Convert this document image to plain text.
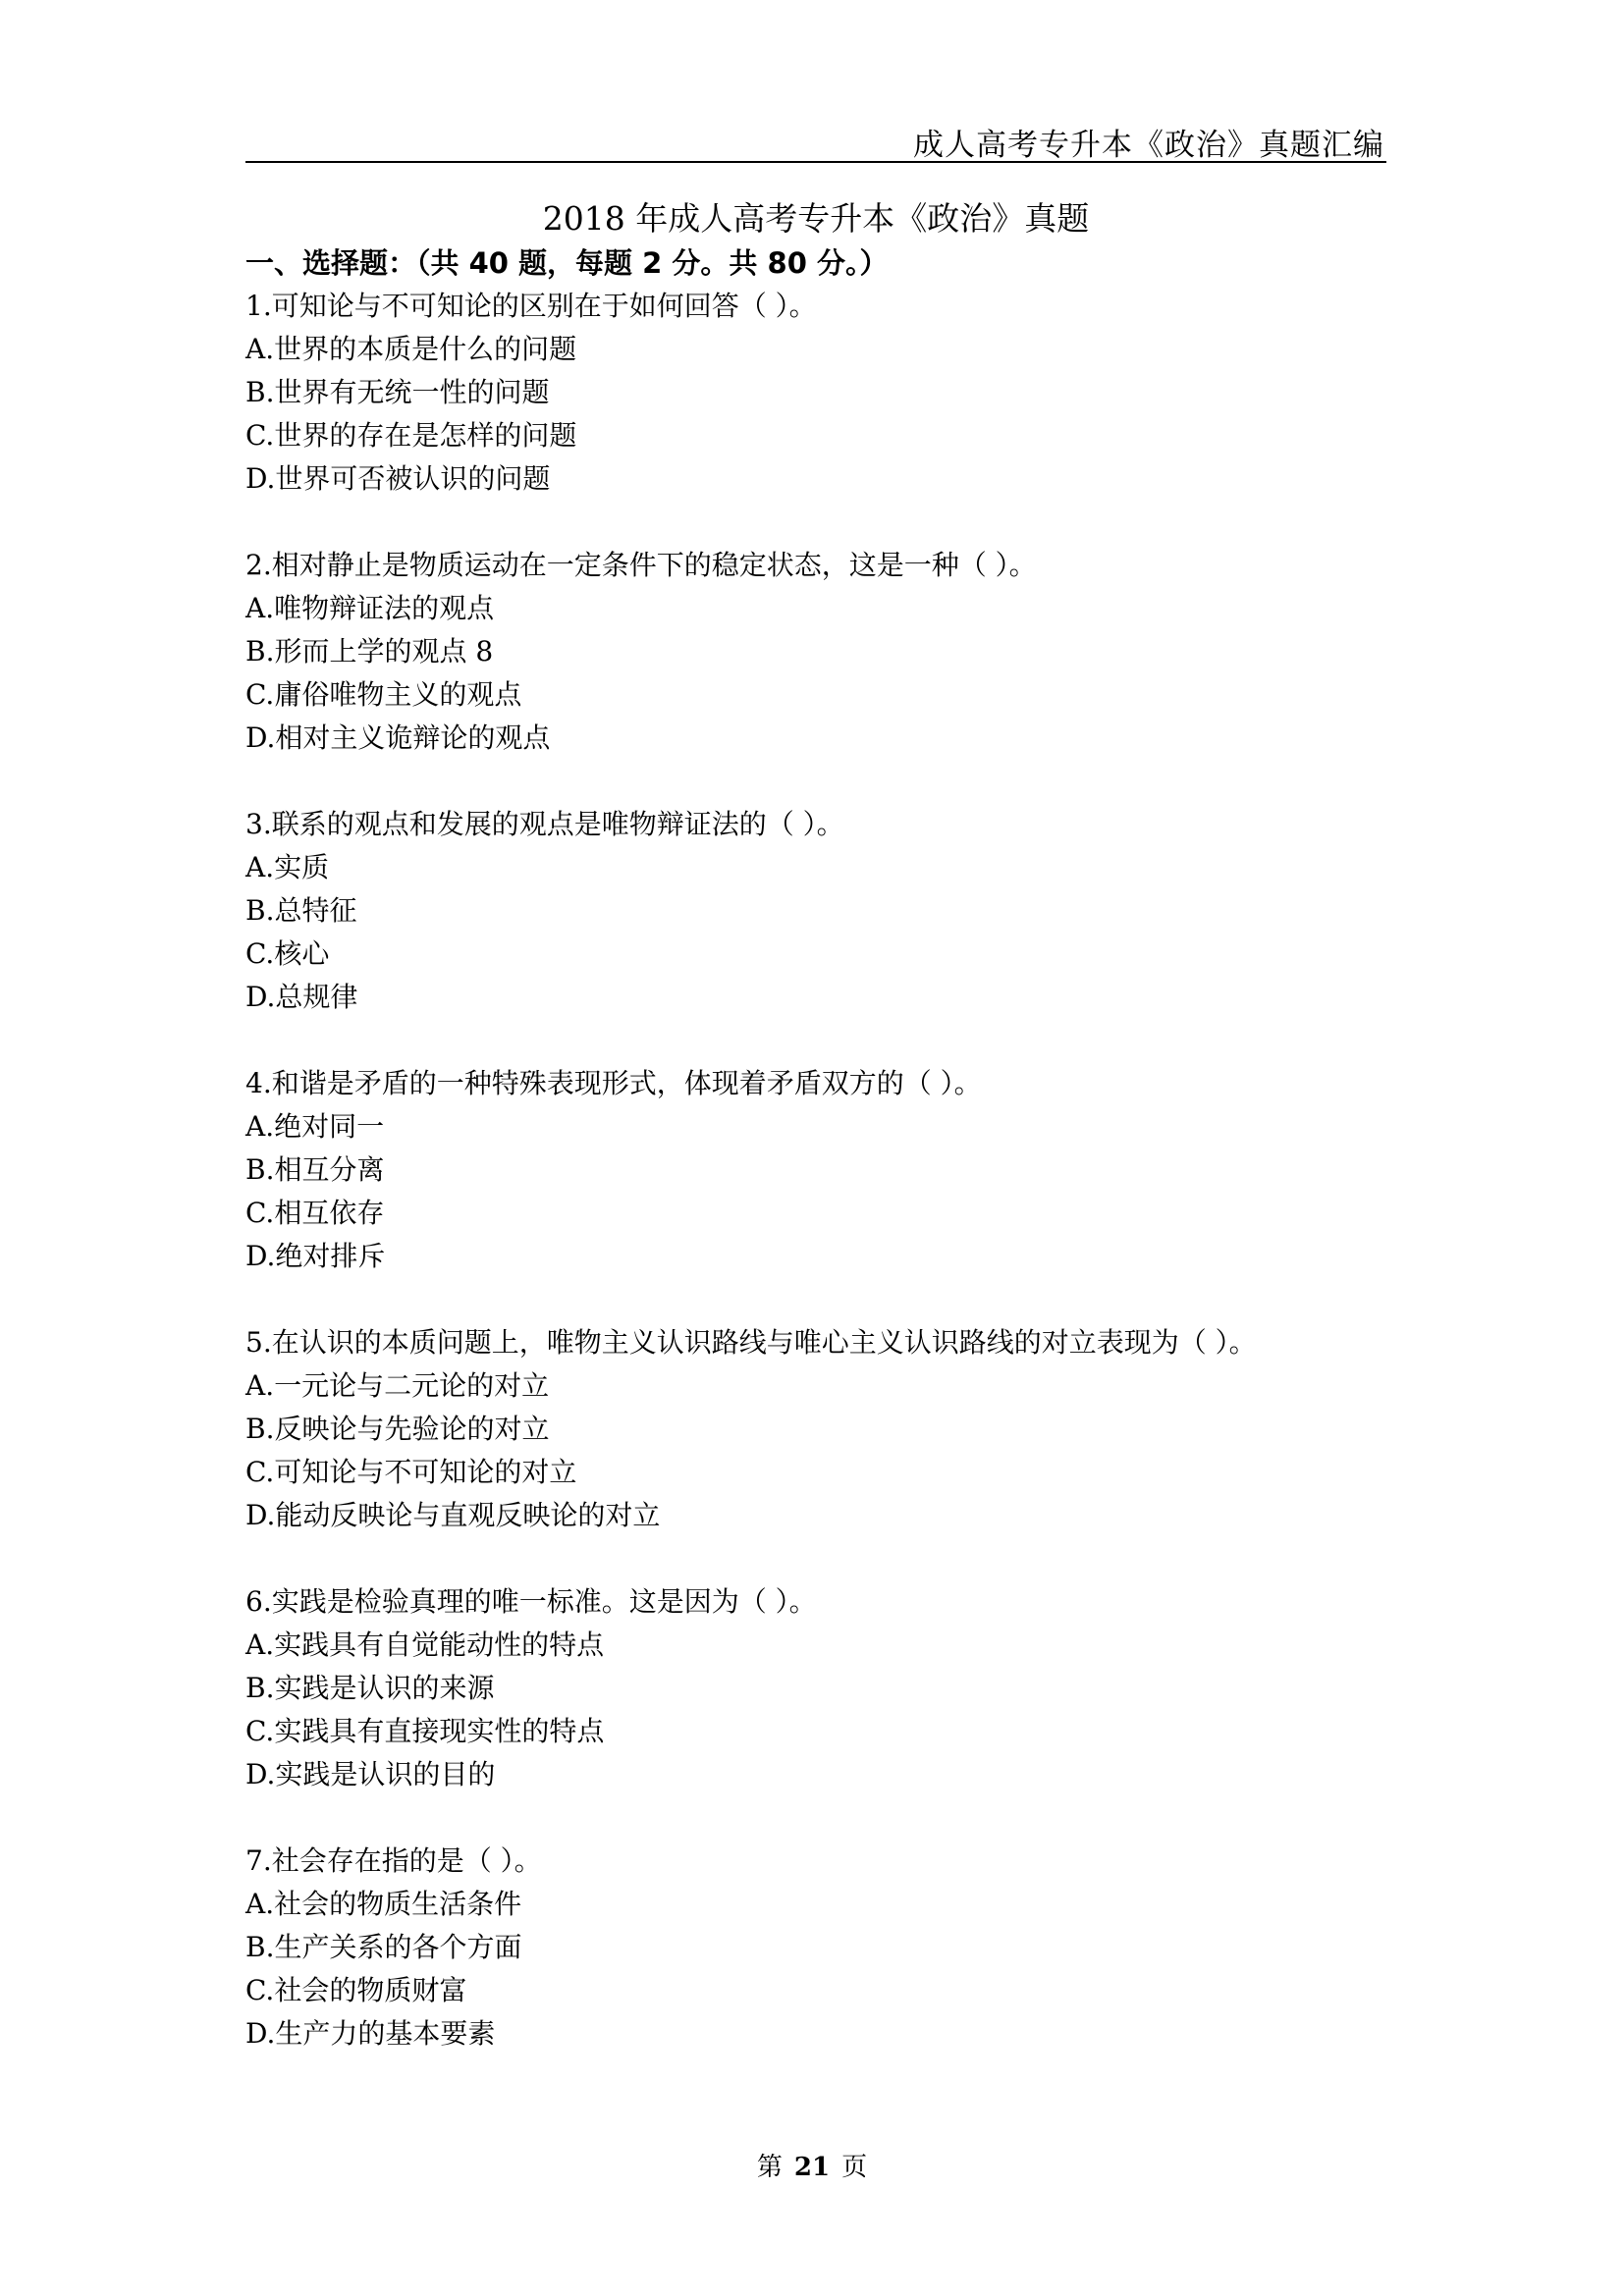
成人高考专升本《政治》真题汇编
2018 年成人高考专升本《政治》真题
一、选择题：（共 40 题，每题 2 分。共 80 分。）
1.可知论与不可知论的区别在于如何回答（ ）。
A.世界的本质是什么的问题
B.世界有无统一性的问题
C.世界的存在是怎样的问题
D.世界可否被认识的问题
2.相对静止是物质运动在一定条件下的稳定状态，这是一种（ ）。
A.唯物辩证法的观点
B.形而上学的观点 8
C.庸俗唯物主义的观点
D.相对主义诡辩论的观点
3.联系的观点和发展的观点是唯物辩证法的（ ）。
A.实质
B.总特征
C.核心
D.总规律
4.和谐是矛盾的一种特殊表现形式，体现着矛盾双方的（ ）。
A.绝对同一
B.相互分离
C.相互依存
D.绝对排斥
5.在认识的本质问题上，唯物主义认识路线与唯心主义认识路线的对立表现为（ ）。
A.一元论与二元论的对立
B.反映论与先验论的对立
C.可知论与不可知论的对立
D.能动反映论与直观反映论的对立
6.实践是检验真理的唯一标准。这是因为（ ）。
A.实践具有自觉能动性的特点
B.实践是认识的来源
C.实践具有直接现实性的特点
D.实践是认识的目的
7.社会存在指的是（ ）。
A.社会的物质生活条件
B.生产关系的各个方面
C.社会的物质财富
D.生产力的基本要素
第 21 页
